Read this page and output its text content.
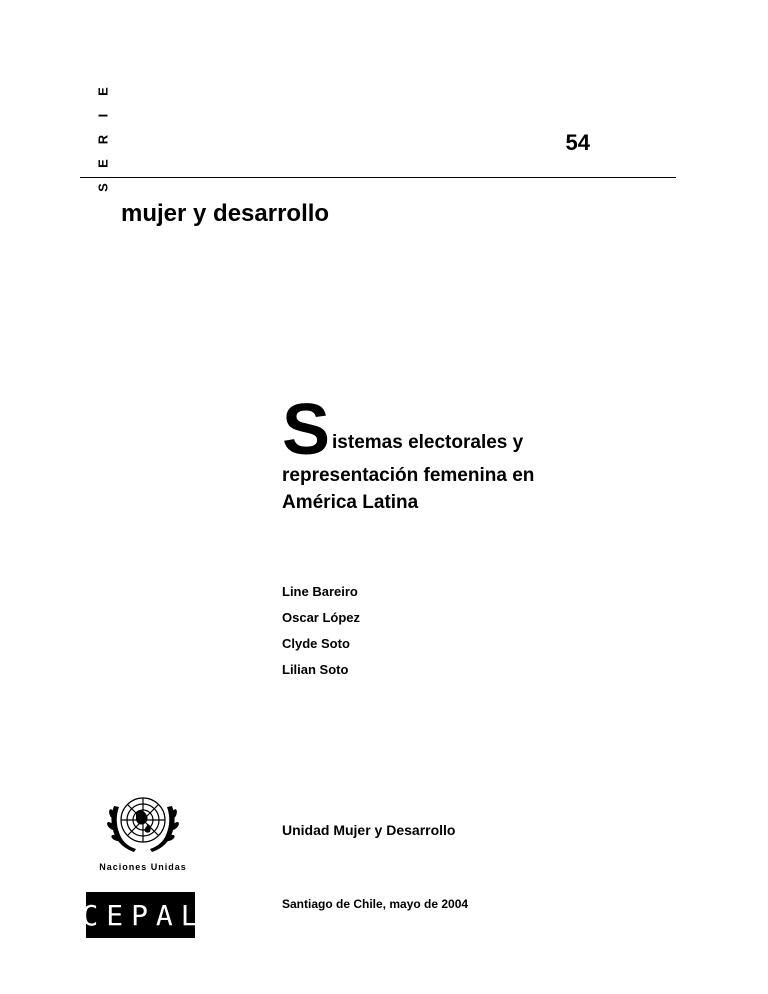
S
E
R
I
E
54
mujer y desarrollo
S istemas electorales y
representación femenina en
América Latina
Line Bareiro
Oscar López
Clyde Soto
Lilian Soto
Unidad Mujer y Desarrollo
Santiago de Chile, mayo de 2004
Naciones Unidas
CEPAL
